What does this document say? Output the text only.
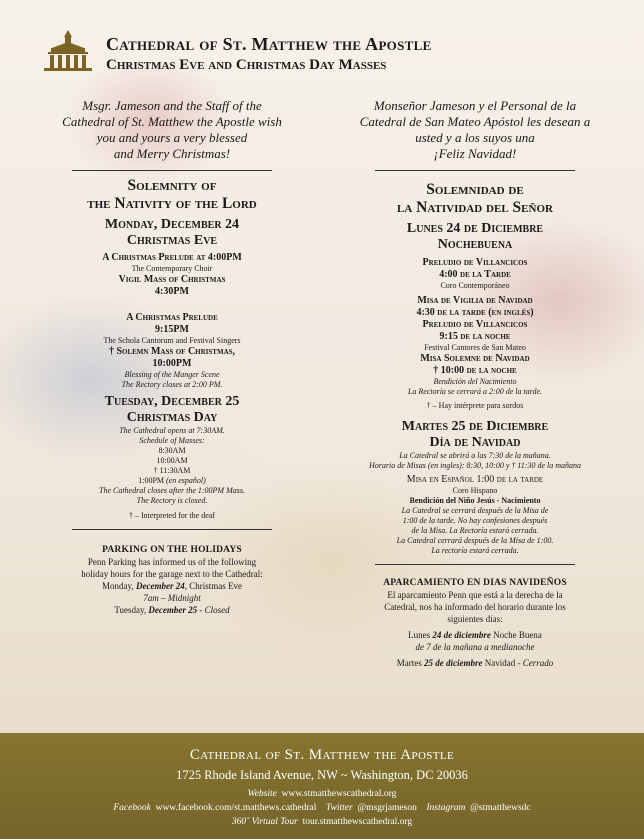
Cathedral of St. Matthew the Apostle
Christmas Eve and Christmas Day Masses
Msgr. Jameson and the Staff of the
Cathedral of St. Matthew the Apostle wish
you and yours a very blessed
and Merry Christmas!
Solemnity of
the Nativity of the Lord
Monday, December 24
Christmas Eve
A Christmas Prelude at 4:00PM
The Contemporary Choir
Vigil Mass of Christmas
4:30PM
A Christmas Prelude
9:15PM
The Schola Cantorum and Festival Singers
† Solemn Mass of Christmas,
10:00PM
Blessing of the Manger Scene
The Rectory closes at 2:00 PM.
Tuesday, December 25
Christmas Day
The Cathedral opens at 7:30AM.
Schedule of Masses:
8:30AM
10:00AM
† 11:30AM
1:00PM (en español)
The Cathedral closes after the 1:00PM Mass.
The Rectory is closed.
† – Interpreted for the deaf
PARKING ON THE HOLIDAYS
Penn Parking has informed us of the following
holiday hours for the garage next to the Cathedral:
Monday, December 24, Christmas Eve
7am – Midnight
Tuesday, December 25 - Closed
Monseñor Jameson y el Personal de la
Catedral de San Mateo Apóstol les desean a
usted y a los suyos una
¡Feliz Navidad!
Solemnidad de
la Natividad del Señor
Lunes 24 de Diciembre
Nochebuena
Preludio de Villancicos
4:00 de la Tarde
Coro Contemporáneo
Misa de Vigilia de Navidad
4:30 de la tarde (en inglés)
Preludio de Villancicos
9:15 de la noche
Festival Cantores de San Mateo
Misa Solemne de Navidad
† 10:00 de la noche
Bendición del Nacimiento
La Rectoría se cerrará a 2:00 de la tarde.
† – Hay intérprete para sordos
Martes 25 de Diciembre
Día de Navidad
La Catedral se abrirá a las 7:30 de la mañana.
Horario de Misas (en ingles): 8:30, 10:00 y † 11:30 de la mañana
Misa en Español 1:00 de la tarde
Coro Hispano
Bendición del Niño Jesús - Nacimiento
La Catedral se cerrará después de la Misa de
1:00 de la tarde. No hay confesiones después
de la Misa. La Rectoría estará cerrada.
La Catedral cerrará después de la Misa de 1:00.
La rectoría estará cerrada.
APARCAMIENTO EN DIAS NAVIDEÑOS
El aparcamiento Penn que está a la derecha de la
Catedral, nos ha informado del horario durante los
siguientes días:
Lunes 24 de diciembre Noche Buena
de 7 de la mañana a medianoche
Martes 25 de diciembre Navidad - Cerrado
Cathedral of St. Matthew the Apostle
1725 Rhode Island Avenue, NW ~ Washington, DC 20036
Website www.stmatthewscathedral.org
Facebook www.facebook.com/st.matthews.cathedral Twitter @msgrjameson Instagram @stmatthewsdc
360˚ Virtual Tour tour.stmatthewscathedral.org
